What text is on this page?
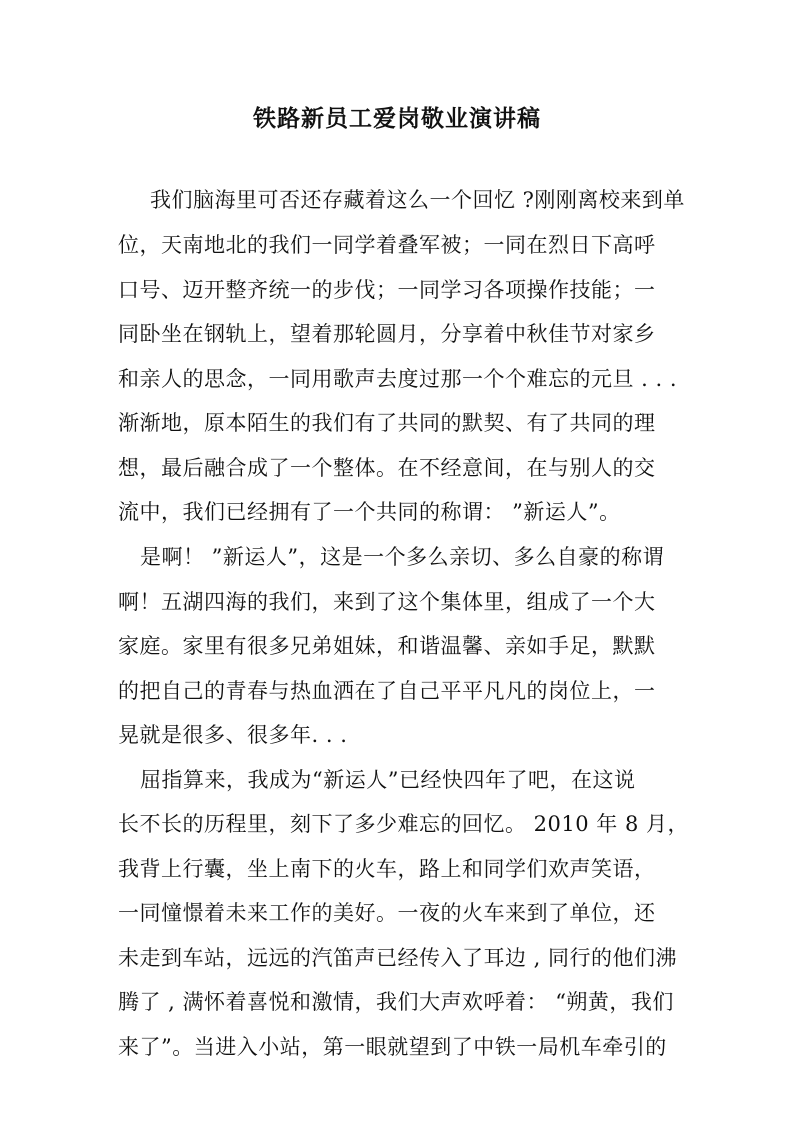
铁路新员工爱岗敬业演讲稿
我们脑海里可否还存藏着这么一个回忆 ?刚刚离校来到单
位，天南地北的我们一同学着叠军被；一同在烈日下高呼
口号、迈开整齐统一的步伐；一同学习各项操作技能；一
同卧坐在钢轨上，望着那轮圆月，分享着中秋佳节对家乡
和亲人的思念，一同用歌声去度过那一个个难忘的元旦 . . .
渐渐地，原本陌生的我们有了共同的默契、有了共同的理
想，最后融合成了一个整体。在不经意间，在与别人的交
流中，我们已经拥有了一个共同的称谓： ”新运人”。
是啊！ ”新运人”，这是一个多么亲切、多么自豪的称谓
啊！五湖四海的我们，来到了这个集体里，组成了一个大
家庭。家里有很多兄弟姐妹，和谐温馨、亲如手足，默默
的把自己的青春与热血洒在了自己平平凡凡的岗位上，一
晃就是很多、很多年. . .
屈指算来，我成为“新运人”已经快四年了吧，在这说
长不长的历程里，刻下了多少难忘的回忆。 2010 年 8 月，
我背上行囊，坐上南下的火车，路上和同学们欢声笑语，
一同憧憬着未来工作的美好。一夜的火车来到了单位，还
未走到车站，远远的汽笛声已经传入了耳边 , 同行的他们沸
腾了 , 满怀着喜悦和激情，我们大声欢呼着： “朔黄，我们
来了”。当进入小站，第一眼就望到了中铁一局机车牵引的
